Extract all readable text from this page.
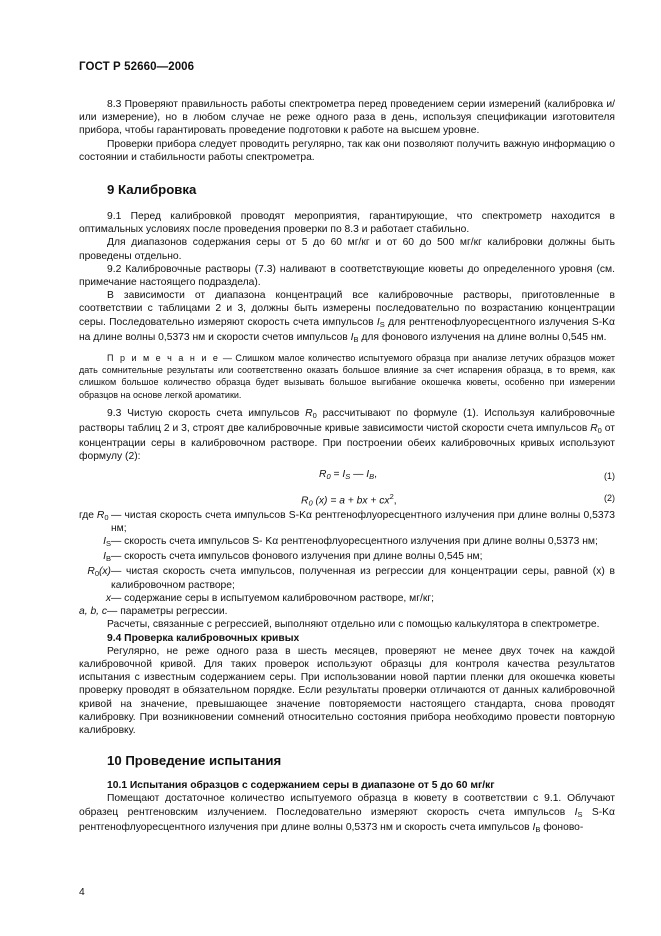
ГОСТ Р 52660—2006

8.3 Проверяют правильность работы спектрометра перед проведением серии измерений (калибровка и/или измерение), но в любом случае не реже одного раза в день, используя спецификации изготовителя прибора, чтобы гарантировать проведение подготовки к работе на высшем уровне.

Проверки прибора следует проводить регулярно, так как они позволяют получить важную информацию о состоянии и стабильности работы спектрометра.

9 Калибровка

9.1 Перед калибровкой проводят мероприятия, гарантирующие, что спектрометр находится в оптимальных условиях после проведения проверки по 8.3 и работает стабильно.

Для диапазонов содержания серы от 5 до 60 мг/кг и от 60 до 500 мг/кг калибровки должны быть проведены отдельно.

9.2 Калибровочные растворы (7.3) наливают в соответствующие кюветы до определенного уровня (см. примечание настоящего подраздела).

В зависимости от диапазона концентраций все калибровочные растворы, приготовленные в соответствии с таблицами 2 и 3, должны быть измерены последовательно по возрастанию концентрации серы. Последовательно измеряют скорость счета импульсов $I_S$ для рентгенофлуоресцентного излучения S-Kα на длине волны 0,5373 нм и скорости счетов импульсов $I_B$ для фонового излучения на длине волны 0,545 нм.

П р и м е ч а н и е — Слишком малое количество испытуемого образца при анализе летучих образцов может дать сомнительные результаты или соответственно оказать большое влияние за счет испарения образца, в то время, как слишком большое количество образца будет вызывать большое выгибание окошечка кюветы, особенно при измерении образцов на основе легкой ароматики.

9.3 Чистую скорость счета импульсов $R_0$ рассчитывают по формуле (1). Используя калибровочные растворы таблиц 2 и 3, строят две калибровочные кривые зависимости чистой скорости счета импульсов $R_0$ от концентрации серы в калибровочном растворе. При построении обеих калибровочных кривых используют формулу (2):

$R_0 = I_S$ — $I_B$,	(1)
$R_0$ (x) = a + bx + $cx^2$,	(2)
где $R_0$ — чистая скорость счета импульсов S-Kα рентгенофлуоресцентного излучения при длине волны 0,5373 нм;
$I_S$ — скорость счета импульсов S- Kα рентгенофлуоресцентного излучения при длине волны 0,5373 нм;
$I_B$ — скорость счета импульсов фонового излучения при длине волны 0,545 нм;
$R_0(x)$ — чистая скорость счета импульсов, полученная из регрессии для концентрации серы, равной (x) в калибровочном растворе;
x — содержание серы в испытуемом калибровочном растворе, мг/кг;
a, b, c — параметры регрессии.

Расчеты, связанные с регрессией, выполняют отдельно или с помощью калькулятора в спектрометре.

9.4 Проверка калибровочных кривых

Регулярно, не реже одного раза в шесть месяцев, проверяют не менее двух точек на каждой калибровочной кривой. Для таких проверок используют образцы для контроля качества результатов испытания с известным содержанием серы. При использовании новой партии пленки для окошечка кюветы проверку проводят в обязательном порядке. Если результаты проверки отличаются от данных калибровочной кривой на значение, превышающее значение повторяемости настоящего стандарта, снова проводят калибровку. При возникновении сомнений относительно состояния прибора необходимо провести повторную калибровку.

10 Проведение испытания
10.1 Испытания образцов с содержанием серы в диапазоне от 5 до 60 мг/кг

Помещают достаточное количество испытуемого образца в кювету в соответствии с 9.1. Облучают образец рентгеновским излучением. Последовательно измеряют скорость счета импульсов $I_S$ S-Kα рентгенофлуоресцентного излучения при длине волны 0,5373 нм и скорость счета импульсов $I_B$ фоново-

4
